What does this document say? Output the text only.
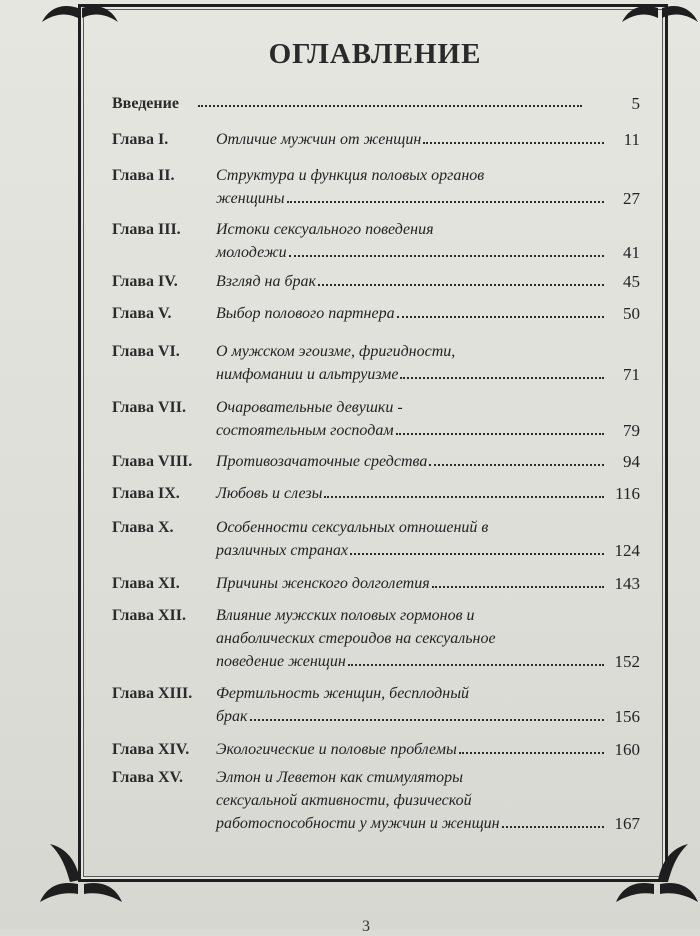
ОГЛАВЛЕНИЕ
Введение	5
Глава I.	Отличие мужчин от женщин	11
Глава II.	Структура и функция половых органов
женщины	27
Глава III. Истоки сексуального поведения
молодежи	41
Глава IV. Взгляд на брак	45
Глава V.	Выбор полового партнера	50
Глава VI. О мужском эгоизме, фригидности,
нимфомании и альтруизме	71
Глава VII. Очаровательные девушки -
состоятельным господам	79
Глава VIII. Противозачаточные средства	94
Глава IX. Любовь и слезы	116
Глава X.	Особенности сексуальных отношений в
различных странах	124
Глава XI. Причины женского долголетия	143
Глава XII. Влияние мужских половых гормонов и
анаболических стероидов на сексуальное
поведение женщин	152
Глава XIII. Фертильность женщин, бесплодный
брак	156
Глава XIV. Экологические и половые проблемы	160
Глава XV. Элтон и Леветон как стимуляторы
сексуальной активности, физической
работоспособности у мужчин и женщин	167
3
